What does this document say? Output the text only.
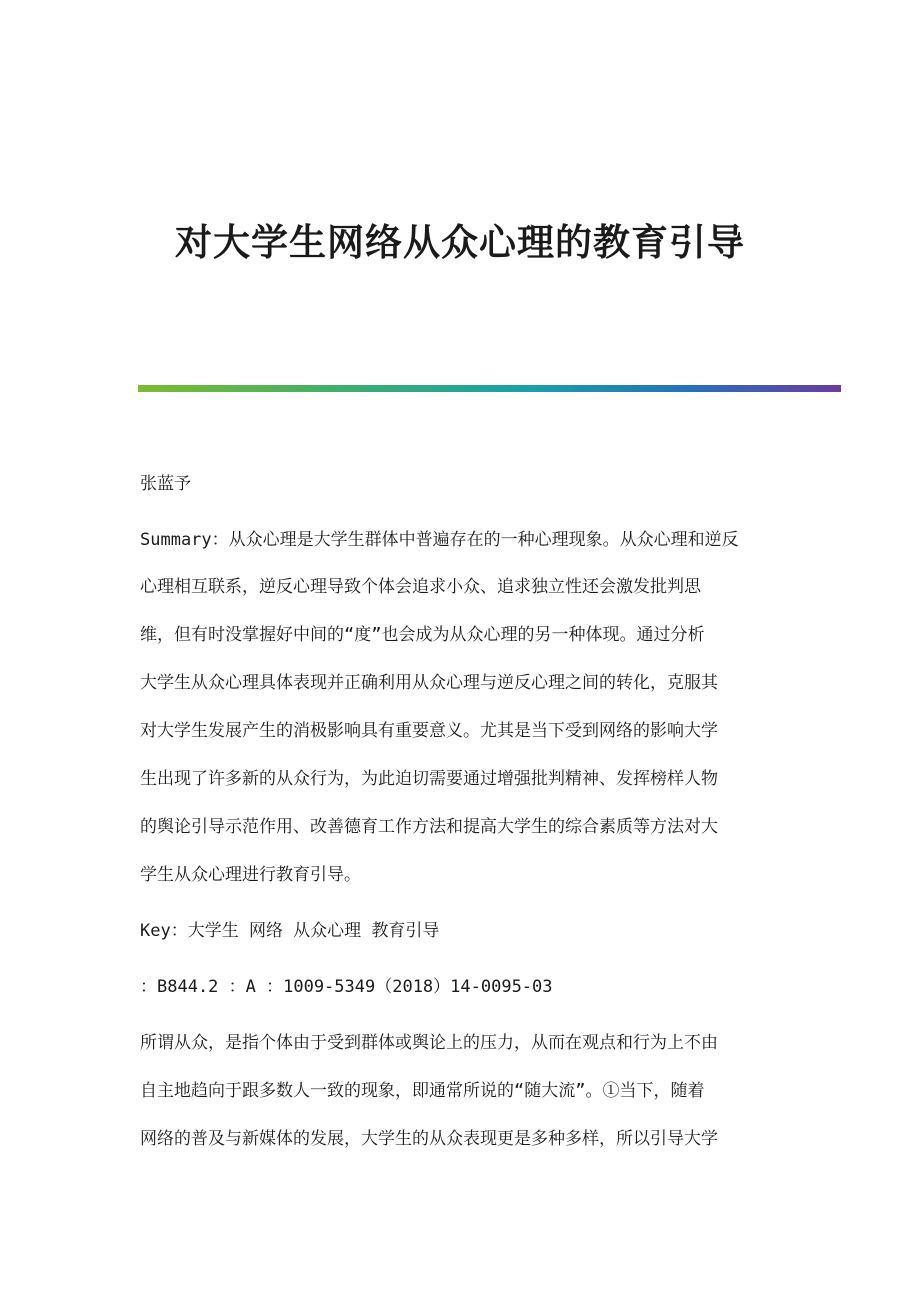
对大学生网络从众心理的教育引导
张蓝予
Summary：从众心理是大学生群体中普遍存在的一种心理现象。从众心理和逆反
心理相互联系，逆反心理导致个体会追求小众、追求独立性还会激发批判思
维，但有时没掌握好中间的“度”也会成为从众心理的另一种体现。通过分析
大学生从众心理具体表现并正确利用从众心理与逆反心理之间的转化，克服其
对大学生发展产生的消极影响具有重要意义。尤其是当下受到网络的影响大学
生出现了许多新的从众行为，为此迫切需要通过增强批判精神、发挥榜样人物
的舆论引导示范作用、改善德育工作方法和提高大学生的综合素质等方法对大
学生从众心理进行教育引导。
Key：大学生 网络 从众心理 教育引导
：B844.2 ：A ：1009-5349（2018）14-0095-03
所谓从众，是指个体由于受到群体或舆论上的压力，从而在观点和行为上不由
自主地趋向于跟多数人一致的现象，即通常所说的“随大流”。①当下，随着
网络的普及与新媒体的发展，大学生的从众表现更是多种多样，所以引导大学
